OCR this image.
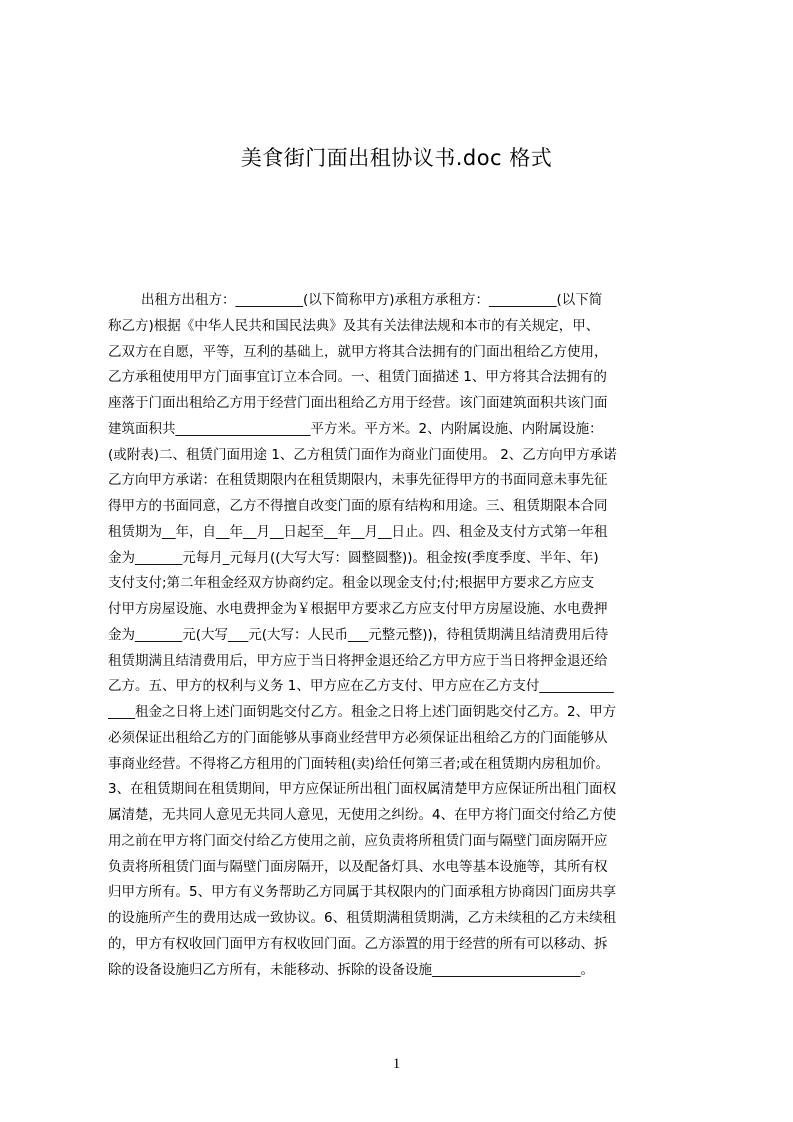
美食街门面出租协议书.doc 格式
出租方出租方：__________(以下简称甲方)承租方承租方：__________(以下简
称乙方)根据《中华人民共和国民法典》及其有关法律法规和本市的有关规定，甲、
乙双方在自愿，平等，互利的基础上，就甲方将其合法拥有的门面出租给乙方使用，
乙方承租使用甲方门面事宜订立本合同。一、租赁门面描述 1、甲方将其合法拥有的
座落于门面出租给乙方用于经营门面出租给乙方用于经营。该门面建筑面积共该门面
建筑面积共____________________平方米。平方米。2、内附属设施、内附属设施：
(或附表)二、租赁门面用途 1、乙方租赁门面作为商业门面使用。 2、乙方向甲方承诺
乙方向甲方承诺：在租赁期限内在租赁期限内，未事先征得甲方的书面同意未事先征
得甲方的书面同意，乙方不得擅自改变门面的原有结构和用途。三、租赁期限本合同
租赁期为__年，自__年__月__日起至__年__月__日止。四、租金及支付方式第一年租
金为_______元每月_元每月((大写大写：圆整圆整))。租金按(季度季度、半年、年)
支付支付;第二年租金经双方协商约定。租金以现金支付;付;根据甲方要求乙方应支
付甲方房屋设施、水电费押金为￥根据甲方要求乙方应支付甲方房屋设施、水电费押
金为_______元(大写___元(大写：人民币___元整元整))，待租赁期满且结清费用后待
租赁期满且结清费用后，甲方应于当日将押金退还给乙方甲方应于当日将押金退还给
乙方。五、甲方的权利与义务 1、甲方应在乙方支付、甲方应在乙方支付___________
____租金之日将上述门面钥匙交付乙方。租金之日将上述门面钥匙交付乙方。2、甲方
必须保证出租给乙方的门面能够从事商业经营甲方必须保证出租给乙方的门面能够从
事商业经营。不得将乙方租用的门面转租(卖)给任何第三者;或在租赁期内房租加价。
3、在租赁期间在租赁期间，甲方应保证所出租门面权属清楚甲方应保证所出租门面权
属清楚，无共同人意见无共同人意见，无使用之纠纷。4、在甲方将门面交付给乙方使
用之前在甲方将门面交付给乙方使用之前，应负责将所租赁门面与隔壁门面房隔开应
负责将所租赁门面与隔壁门面房隔开，以及配备灯具、水电等基本设施等，其所有权
归甲方所有。5、甲方有义务帮助乙方同属于其权限内的门面承租方协商因门面房共享
的设施所产生的费用达成一致协议。6、租赁期满租赁期满，乙方未续租的乙方未续租
的，甲方有权收回门面甲方有权收回门面。乙方添置的用于经营的所有可以移动、拆
除的设备设施归乙方所有，未能移动、拆除的设备设施______________________。
1
